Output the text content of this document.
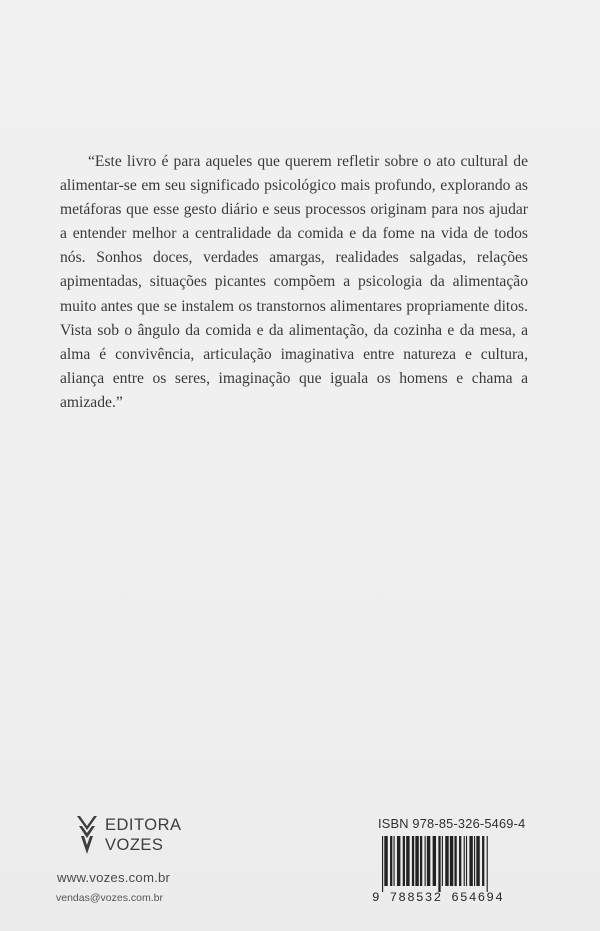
“Este livro é para aqueles que querem refletir sobre o ato cultural de alimentar-se em seu significado psicológico mais profundo, explorando as metáforas que esse gesto diário e seus processos originam para nos ajudar a entender melhor a centralidade da comida e da fome na vida de todos nós. Sonhos doces, verdades amargas, realidades salgadas, relações apimentadas, situações picantes compõem a psicologia da alimentação muito antes que se instalem os transtornos alimentares propriamente ditos. Vista sob o ângulo da comida e da alimentação, da cozinha e da mesa, a alma é convivência, articulação imaginativa entre natureza e cultura, aliança entre os seres, imaginação que iguala os homens e chama a amizade.”

EDITORA
VOZES
www.vozes.com.br
vendas@vozes.com.br
ISBN 978-85-326-5469-4
9 788532 654694
